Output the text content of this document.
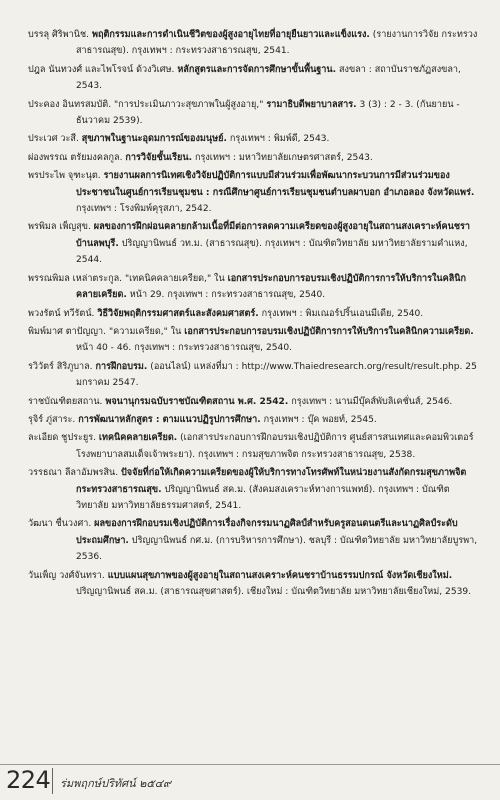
บรรลุ ศิริพานิช. พฤติกรรมและการดำเนินชีวิตของผู้สูงอายุไทยที่อายุยืนยาวและแข็งแรง. (รายงานการวิจัย กระทรวงสาธารณสุข). กรุงเทพฯ : กระทรวงสาธารณสุข, 2541.

ปฎล นันทวงศ์ และไพโรจน์ ด้วงวิเศษ. หลักสูตรและการจัดการศึกษาขั้นพื้นฐาน. สงขลา : สถาบันราชภัฏสงขลา, 2543.

ประคอง อินทรสมบัติ. "การประเมินภาวะสุขภาพในผู้สูงอายุ," รามาธิบดีพยาบาลสาร. 3 (3) : 2 - 3. (กันยายน - ธันวาคม 2539).

ประเวศ วะสี. สุขภาพในฐานะอุดมการณ์ของมนุษย์. กรุงเทพฯ : พิมพ์ดี, 2543.

ผ่องพรรณ ตรัยมงคลกูล. การวิจัยชั้นเรียน. กรุงเทพฯ : มหาวิทยาลัยเกษตรศาสตร์, 2543.

พรประไพ จุฑะนุต. รายงานผลการนิเทศเชิงวิจัยปฏิบัติการแบบมีส่วนร่วมเพื่อพัฒนากระบวนการมีส่วนร่วมของประชาชนในศูนย์การเรียนชุมชน : กรณีศึกษาศูนย์การเรียนชุมชนตำบลผาบอก อำเภอลอง จังหวัดแพร่. กรุงเทพฯ : โรงพิมพ์คุรุสภา, 2542.

พรพิมล เพ็ญสุข. ผลของการฝึกผ่อนคลายกล้ามเนื้อที่มีต่อการลดความเครียดของผู้สูงอายุในสถานสงเคราะห์คนชราบ้านลพบุรี. ปริญญานิพนธ์ วท.ม. (สาธารณสุข). กรุงเทพฯ : บัณฑิตวิทยาลัย มหาวิทยาลัยรามคำแหง, 2544.

พรรณพิมล เหล่าตระกูล. "เทคนิคคลายเครียด," ใน เอกสารประกอบการอบรมเชิงปฏิบัติการการให้บริการในคลินิกคลายเครียด. หน้า 29. กรุงเทพฯ : กระทรวงสาธารณสุข, 2540.

พวงรัตน์ ทวีรัตน์. วิธีวิจัยพฤติกรรมศาสตร์และสังคมศาสตร์. กรุงเทพฯ : พิมเณอร์ปริ้นเอนมีเดีย, 2540.

พิมพ์มาศ ตาปัญญา. "ความเครียด," ใน เอกสารประกอบการอบรมเชิงปฏิบัติการการให้บริการในคลินิกความเครียด. หน้า 40 - 46. กรุงเทพฯ : กระทรวงสาธารณสุข, 2540.

รวิวัตร์ สิริภูบาล. การฝึกอบรม. (ออนไลน์) แหล่งที่มา : http://www.Thaiedresearch.org/result/result.php. 25 มกราคม 2547.

ราชบัณฑิตยสถาน. พจนานุกรมฉบับราชบัณฑิตสถาน พ.ศ. 2542. กรุงเทพฯ : นานมีบุ๊คส์พับลิเคชั่นส์, 2546.

รุจิร์ ภู่สาระ. การพัฒนาหลักสูตร : ตามแนวปฏิรูปการศึกษา. กรุงเทพฯ : บุ๊ค พอยท์, 2545.

ละเอียด ชูประยูร. เทคนิคคลายเครียด. (เอกสารประกอบการฝึกอบรมเชิงปฏิบัติการ ศูนย์สารสนเทศและคอมพิวเตอร์ โรงพยาบาลสมเด็จเจ้าพระยา). กรุงเทพฯ : กรมสุขภาพจิต กระทรวงสาธารณสุข, 2538.

วรรธณา ลีลาอัมพรสิน. ปัจจัยที่ก่อให้เกิดความเครียดของผู้ให้บริการทางโทรศัพท์ในหน่วยงานสังกัดกรมสุขภาพจิต กระทรวงสาธารณสุข. ปริญญานิพนธ์ สค.ม. (สังคมสงเคราะห์ทางการแพทย์). กรุงเทพฯ : บัณฑิตวิทยาลัย มหาวิทยาลัยธรรมศาสตร์, 2541.

วัฒนา ชื่นวงศา. ผลของการฝึกอบรมเชิงปฏิบัติการเรื่องกิจกรรมนาฏศิลป์สำหรับครูสอนดนตรีและนาฏศิลป์ระดับประถมศึกษา. ปริญญานิพนธ์ กศ.ม. (การบริหารการศึกษา). ชลบุรี : บัณฑิตวิทยาลัย มหาวิทยาลัยบูรพา, 2536.

วันเพ็ญ วงศ์จันทรา. แบบแผนสุขภาพของผู้สูงอายุในสถานสงเคราะห์คนชราบ้านธรรมปกรณ์ จังหวัดเชียงใหม่. ปริญญานิพนธ์ สค.ม. (สาธารณสุขศาสตร์). เชียงใหม่ : บัณฑิตวิทยาลัย มหาวิทยาลัยเชียงใหม่, 2539.

224 ร่มพฤกษ์ปริทัศน์ ๒๕๔๙
